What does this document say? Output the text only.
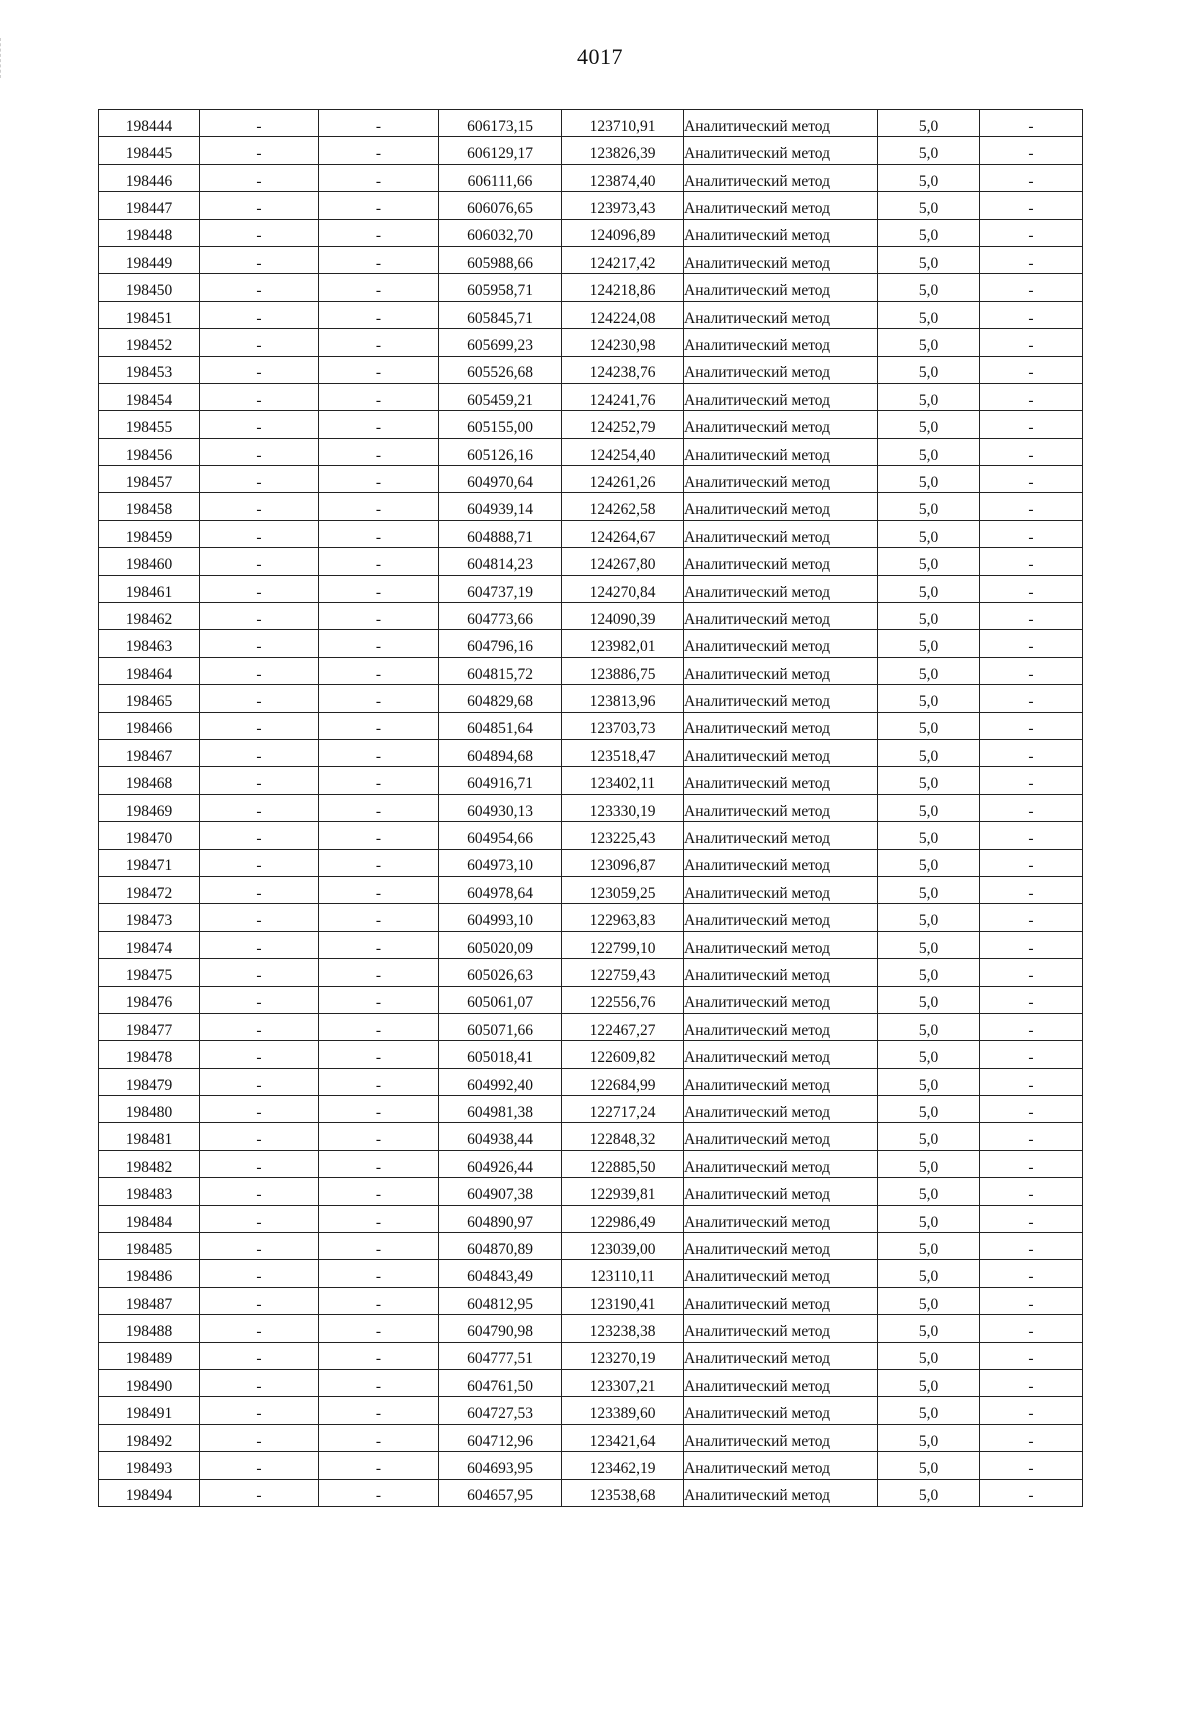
4017
198444	-	-	606173,15	123710,91	Аналитический метод	5,0	-
198445	-	-	606129,17	123826,39	Аналитический метод	5,0	-
198446	-	-	606111,66	123874,40	Аналитический метод	5,0	-
198447	-	-	606076,65	123973,43	Аналитический метод	5,0	-
198448	-	-	606032,70	124096,89	Аналитический метод	5,0	-
198449	-	-	605988,66	124217,42	Аналитический метод	5,0	-
198450	-	-	605958,71	124218,86	Аналитический метод	5,0	-
198451	-	-	605845,71	124224,08	Аналитический метод	5,0	-
198452	-	-	605699,23	124230,98	Аналитический метод	5,0	-
198453	-	-	605526,68	124238,76	Аналитический метод	5,0	-
198454	-	-	605459,21	124241,76	Аналитический метод	5,0	-
198455	-	-	605155,00	124252,79	Аналитический метод	5,0	-
198456	-	-	605126,16	124254,40	Аналитический метод	5,0	-
198457	-	-	604970,64	124261,26	Аналитический метод	5,0	-
198458	-	-	604939,14	124262,58	Аналитический метод	5,0	-
198459	-	-	604888,71	124264,67	Аналитический метод	5,0	-
198460	-	-	604814,23	124267,80	Аналитический метод	5,0	-
198461	-	-	604737,19	124270,84	Аналитический метод	5,0	-
198462	-	-	604773,66	124090,39	Аналитический метод	5,0	-
198463	-	-	604796,16	123982,01	Аналитический метод	5,0	-
198464	-	-	604815,72	123886,75	Аналитический метод	5,0	-
198465	-	-	604829,68	123813,96	Аналитический метод	5,0	-
198466	-	-	604851,64	123703,73	Аналитический метод	5,0	-
198467	-	-	604894,68	123518,47	Аналитический метод	5,0	-
198468	-	-	604916,71	123402,11	Аналитический метод	5,0	-
198469	-	-	604930,13	123330,19	Аналитический метод	5,0	-
198470	-	-	604954,66	123225,43	Аналитический метод	5,0	-
198471	-	-	604973,10	123096,87	Аналитический метод	5,0	-
198472	-	-	604978,64	123059,25	Аналитический метод	5,0	-
198473	-	-	604993,10	122963,83	Аналитический метод	5,0	-
198474	-	-	605020,09	122799,10	Аналитический метод	5,0	-
198475	-	-	605026,63	122759,43	Аналитический метод	5,0	-
198476	-	-	605061,07	122556,76	Аналитический метод	5,0	-
198477	-	-	605071,66	122467,27	Аналитический метод	5,0	-
198478	-	-	605018,41	122609,82	Аналитический метод	5,0	-
198479	-	-	604992,40	122684,99	Аналитический метод	5,0	-
198480	-	-	604981,38	122717,24	Аналитический метод	5,0	-
198481	-	-	604938,44	122848,32	Аналитический метод	5,0	-
198482	-	-	604926,44	122885,50	Аналитический метод	5,0	-
198483	-	-	604907,38	122939,81	Аналитический метод	5,0	-
198484	-	-	604890,97	122986,49	Аналитический метод	5,0	-
198485	-	-	604870,89	123039,00	Аналитический метод	5,0	-
198486	-	-	604843,49	123110,11	Аналитический метод	5,0	-
198487	-	-	604812,95	123190,41	Аналитический метод	5,0	-
198488	-	-	604790,98	123238,38	Аналитический метод	5,0	-
198489	-	-	604777,51	123270,19	Аналитический метод	5,0	-
198490	-	-	604761,50	123307,21	Аналитический метод	5,0	-
198491	-	-	604727,53	123389,60	Аналитический метод	5,0	-
198492	-	-	604712,96	123421,64	Аналитический метод	5,0	-
198493	-	-	604693,95	123462,19	Аналитический метод	5,0	-
198494	-	-	604657,95	123538,68	Аналитический метод	5,0	-
